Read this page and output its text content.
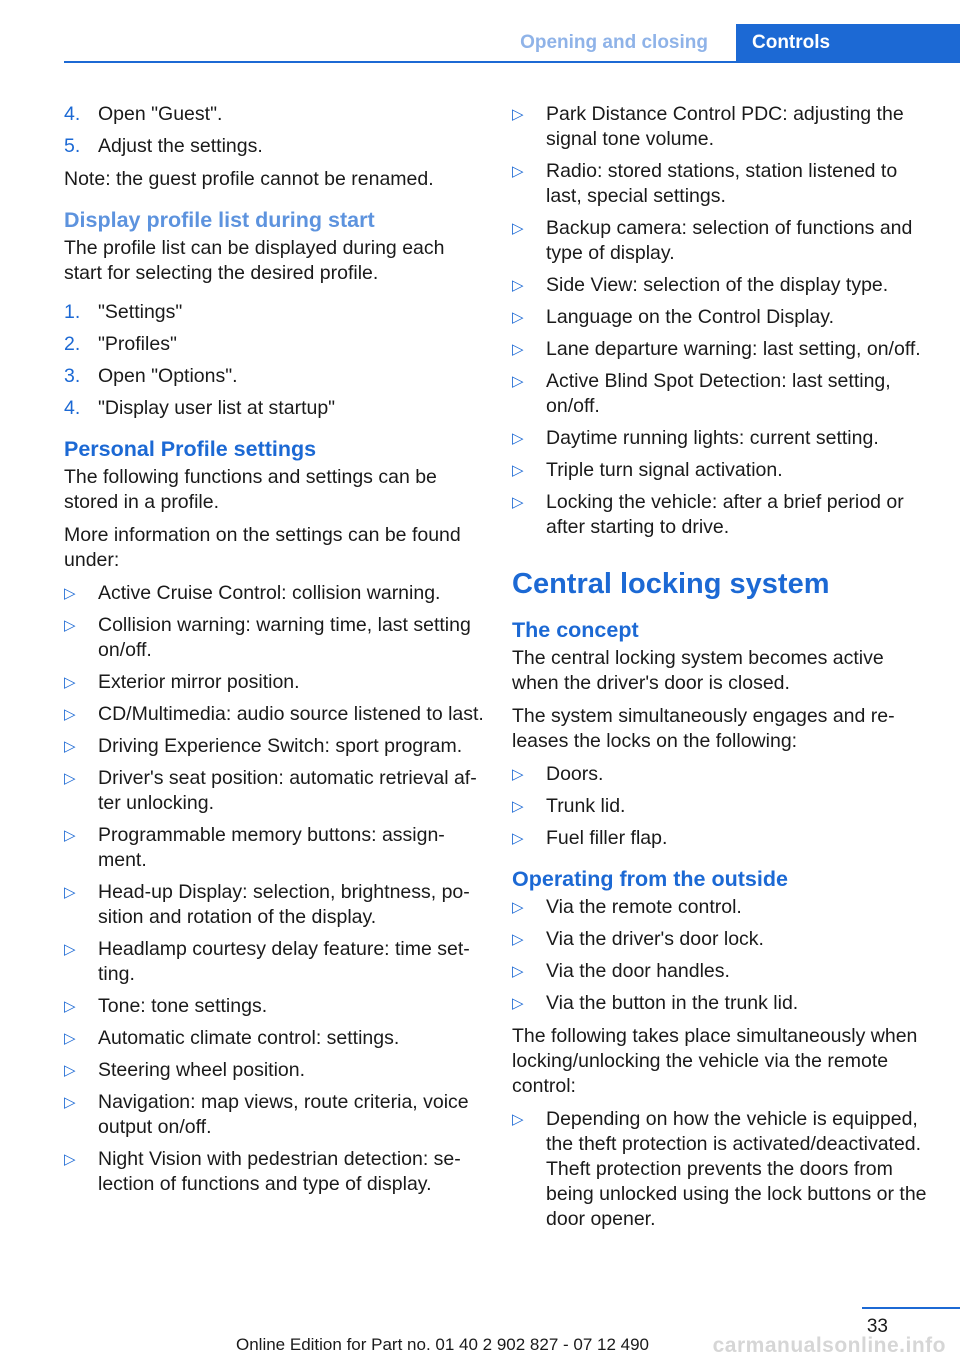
Opening and closing	Controls
4. Open "Guest".
5. Adjust the settings.

Note: the guest profile cannot be renamed.

Display profile list during start

The profile list can be displayed during each start for selecting the desired profile.

1. "Settings"
2. "Profiles"
3. Open "Options".
4. "Display user list at startup"
Personal Profile settings

The following functions and settings can be stored in a profile.

More information on the settings can be found under:

▷ Active Cruise Control: collision warning.
▷ Collision warning: warning time, last setting on/off.
▷ Exterior mirror position.
▷ CD/Multimedia: audio source listened to last.
▷ Driving Experience Switch: sport program.
▷ Driver's seat position: automatic retrieval af‐ter unlocking.
▷ Programmable memory buttons: assign‐ment.
▷ Head-up Display: selection, brightness, po‐sition and rotation of the display.
▷ Headlamp courtesy delay feature: time set‐ting.
▷ Tone: tone settings.
▷ Automatic climate control: settings.
▷ Steering wheel position.
▷ Navigation: map views, route criteria, voice output on/off.
▷ Night Vision with pedestrian detection: se‐lection of functions and type of display.
▷ Park Distance Control PDC: adjusting the signal tone volume.
▷ Radio: stored stations, station listened to last, special settings.
▷ Backup camera: selection of functions and type of display.
▷ Side View: selection of the display type.
▷ Language on the Control Display.
▷ Lane departure warning: last setting, on/off.
▷ Active Blind Spot Detection: last setting, on/off.
▷ Daytime running lights: current setting.
▷ Triple turn signal activation.
▷ Locking the vehicle: after a brief period or after starting to drive.
Central locking system
The concept

The central locking system becomes active when the driver's door is closed.

The system simultaneously engages and re‐leases the locks on the following:

▷ Doors.
▷ Trunk lid.
▷ Fuel filler flap.
Operating from the outside
▷ Via the remote control.
▷ Via the driver's door lock.
▷ Via the door handles.
▷ Via the button in the trunk lid.

The following takes place simultaneously when locking/unlocking the vehicle via the remote control:

▷ Depending on how the vehicle is equipped, the theft protection is activated/deactivated. Theft protection prevents the doors from being unlocked using the lock buttons or the door opener.
33
Online Edition for Part no. 01 40 2 902 827 - 07 12 490	carmanualsonline.info
